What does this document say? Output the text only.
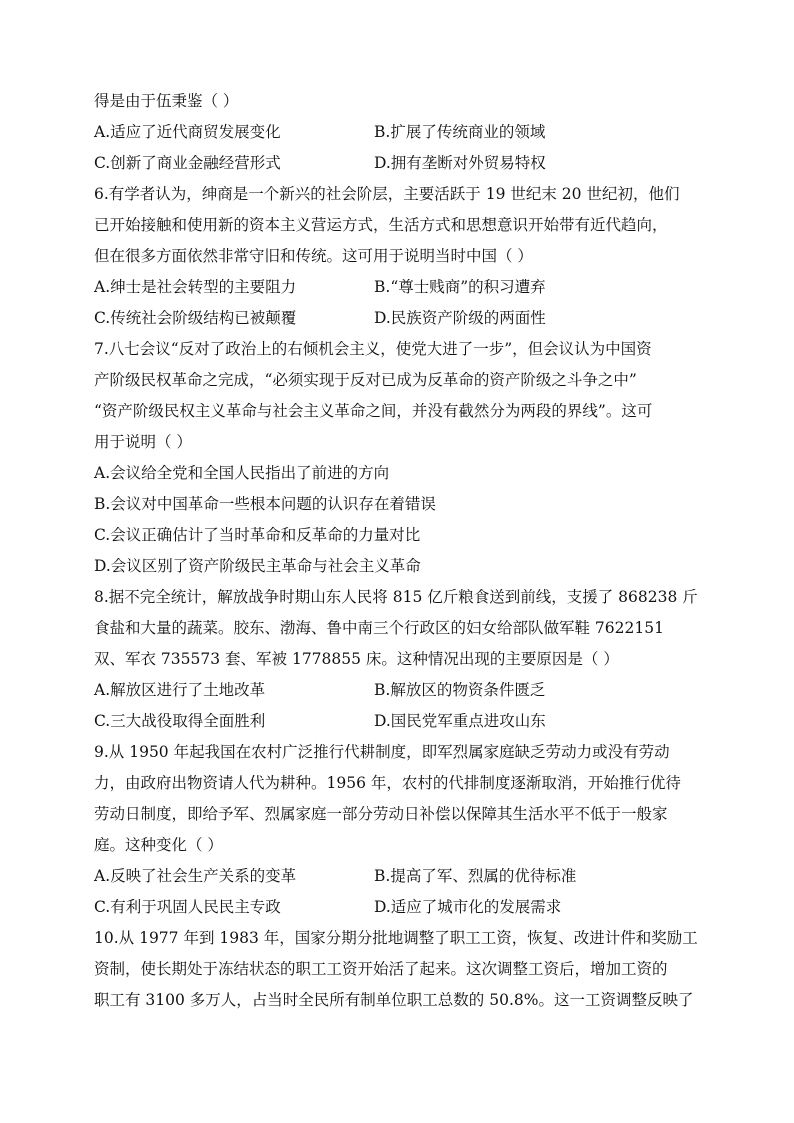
得是由于伍秉鉴（ ）
A.适应了近代商贸发展变化	B.扩展了传统商业的领域
C.创新了商业金融经营形式	D.拥有垄断对外贸易特权
6.有学者认为，绅商是一个新兴的社会阶层，主要活跃于 19 世纪末 20 世纪初，他们
已开始接触和使用新的资本主义营运方式，生活方式和思想意识开始带有近代趋向，
但在很多方面依然非常守旧和传统。这可用于说明当时中国（ ）
A.绅士是社会转型的主要阻力	B.“尊士贱商”的积习遭弃
C.传统社会阶级结构已被颠覆	D.民族资产阶级的两面性
7.八七会议“反对了政治上的右倾机会主义，使党大进了一步”，但会议认为中国资
产阶级民权革命之完成，“必须实现于反对已成为反革命的资产阶级之斗争之中”
“资产阶级民权主义革命与社会主义革命之间，并没有截然分为两段的界线”。这可
用于说明（ ）
A.会议给全党和全国人民指出了前进的方向
B.会议对中国革命一些根本问题的认识存在着错误
C.会议正确估计了当时革命和反革命的力量对比
D.会议区别了资产阶级民主革命与社会主义革命
8.据不完全统计，解放战争时期山东人民将 815 亿斤粮食送到前线，支援了 868238 斤
食盐和大量的蔬菜。胶东、渤海、鲁中南三个行政区的妇女给部队做军鞋 7622151
双、军衣 735573 套、军被 1778855 床。这种情况出现的主要原因是（ ）
A.解放区进行了土地改革	B.解放区的物资条件匮乏
C.三大战役取得全面胜利	D.国民党军重点进攻山东
9.从 1950 年起我国在农村广泛推行代耕制度，即军烈属家庭缺乏劳动力或没有劳动
力，由政府出物资请人代为耕种。1956 年，农村的代排制度逐渐取消，开始推行优待
劳动日制度，即给予军、烈属家庭一部分劳动日补偿以保障其生活水平不低于一般家
庭。这种变化（ ）
A.反映了社会生产关系的变革	B.提高了军、烈属的优待标准
C.有利于巩固人民民主专政	D.适应了城市化的发展需求
10.从 1977 年到 1983 年，国家分期分批地调整了职工工资，恢复、改进计件和奖励工
资制，使长期处于冻结状态的职工工资开始活了起来。这次调整工资后，增加工资的
职工有 3100 多万人，占当时全民所有制单位职工总数的 50.8%。这一工资调整反映了
